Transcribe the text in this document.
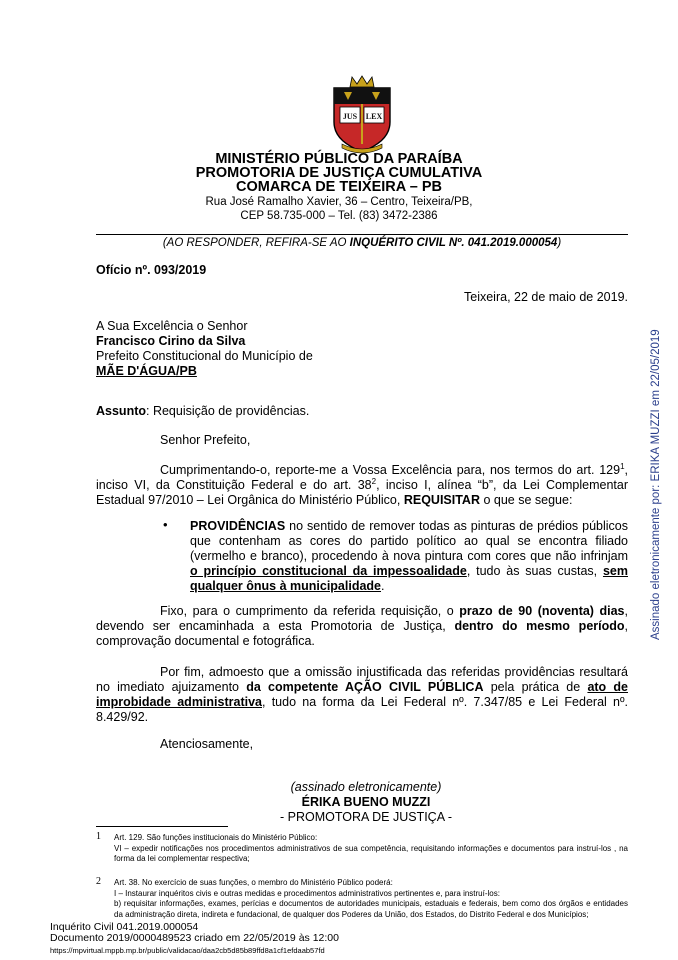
JUS LEX
MINISTÉRIO PÚBLICO DA PARAÍBA
PROMOTORIA DE JUSTIÇA CUMULATIVA
COMARCA DE TEIXEIRA – PB
Rua José Ramalho Xavier, 36 – Centro, Teixeira/PB,
CEP 58.735-000 – Tel. (83) 3472-2386
(AO RESPONDER, REFIRA-SE AO INQUÉRITO CIVIL Nº. 041.2019.000054)
Ofício nº. 093/2019
Teixeira, 22 de maio de 2019.
A Sua Excelência o Senhor
Francisco Cirino da Silva
Prefeito Constitucional do Município de
MÃE D'ÁGUA/PB
Assunto: Requisição de providências.
Senhor Prefeito,
Cumprimentando-o, reporte-me a Vossa Excelência para, nos termos do art. $129^1$, inciso VI, da Constituição Federal e do art. $38^2$, inciso I, alínea “b”, da Lei Complementar Estadual 97/2010 – Lei Orgânica do Ministério Público, REQUISITAR o que se segue:
• PROVIDÊNCIAS no sentido de remover todas as pinturas de prédios públicos que contenham as cores do partido político ao qual se encontra filiado (vermelho e branco), procedendo à nova pintura com cores que não infrinjam o princípio constitucional da impessoalidade, tudo às suas custas, sem qualquer ônus à municipalidade.
Fixo, para o cumprimento da referida requisição, o prazo de 90 (noventa) dias, devendo ser encaminhada a esta Promotoria de Justiça, dentro do mesmo período, comprovação documental e fotográfica.
Por fim, admoesto que a omissão injustificada das referidas providências resultará no imediato ajuizamento da competente AÇÃO CIVIL PÚBLICA pela prática de ato de improbidade administrativa, tudo na forma da Lei Federal nº. 7.347/85 e Lei Federal nº. 8.429/92.
Atenciosamente,
(assinado eletronicamente)
ÉRIKA BUENO MUZZI
- PROMOTORA DE JUSTIÇA -
1 Art. 129. São funções institucionais do Ministério Público:
VI – expedir notificações nos procedimentos administrativos de sua competência, requisitando informações e documentos para instruí-los , na forma da lei complementar respectiva;
2 Art. 38. No exercício de suas funções, o membro do Ministério Público poderá:
I – Instaurar inquéritos civis e outras medidas e procedimentos administrativos pertinentes e, para instruí-los:
b) requisitar informações, exames, perícias e documentos de autoridades municipais, estaduais e federais, bem como dos órgãos e entidades da administração direta, indireta e fundacional, de qualquer dos Poderes da União, dos Estados, do Distrito Federal e dos Municípios;
Assinado eletronicamente por: ERIKA MUZZI em 22/05/2019
Inquérito Civil 041.2019.000054
Documento 2019/0000489523 criado em 22/05/2019 às 12:00
https://mpvirtual.mppb.mp.br/public/validacao/daa2cb5d85b89ffd8a1cf1efdaab57fd
